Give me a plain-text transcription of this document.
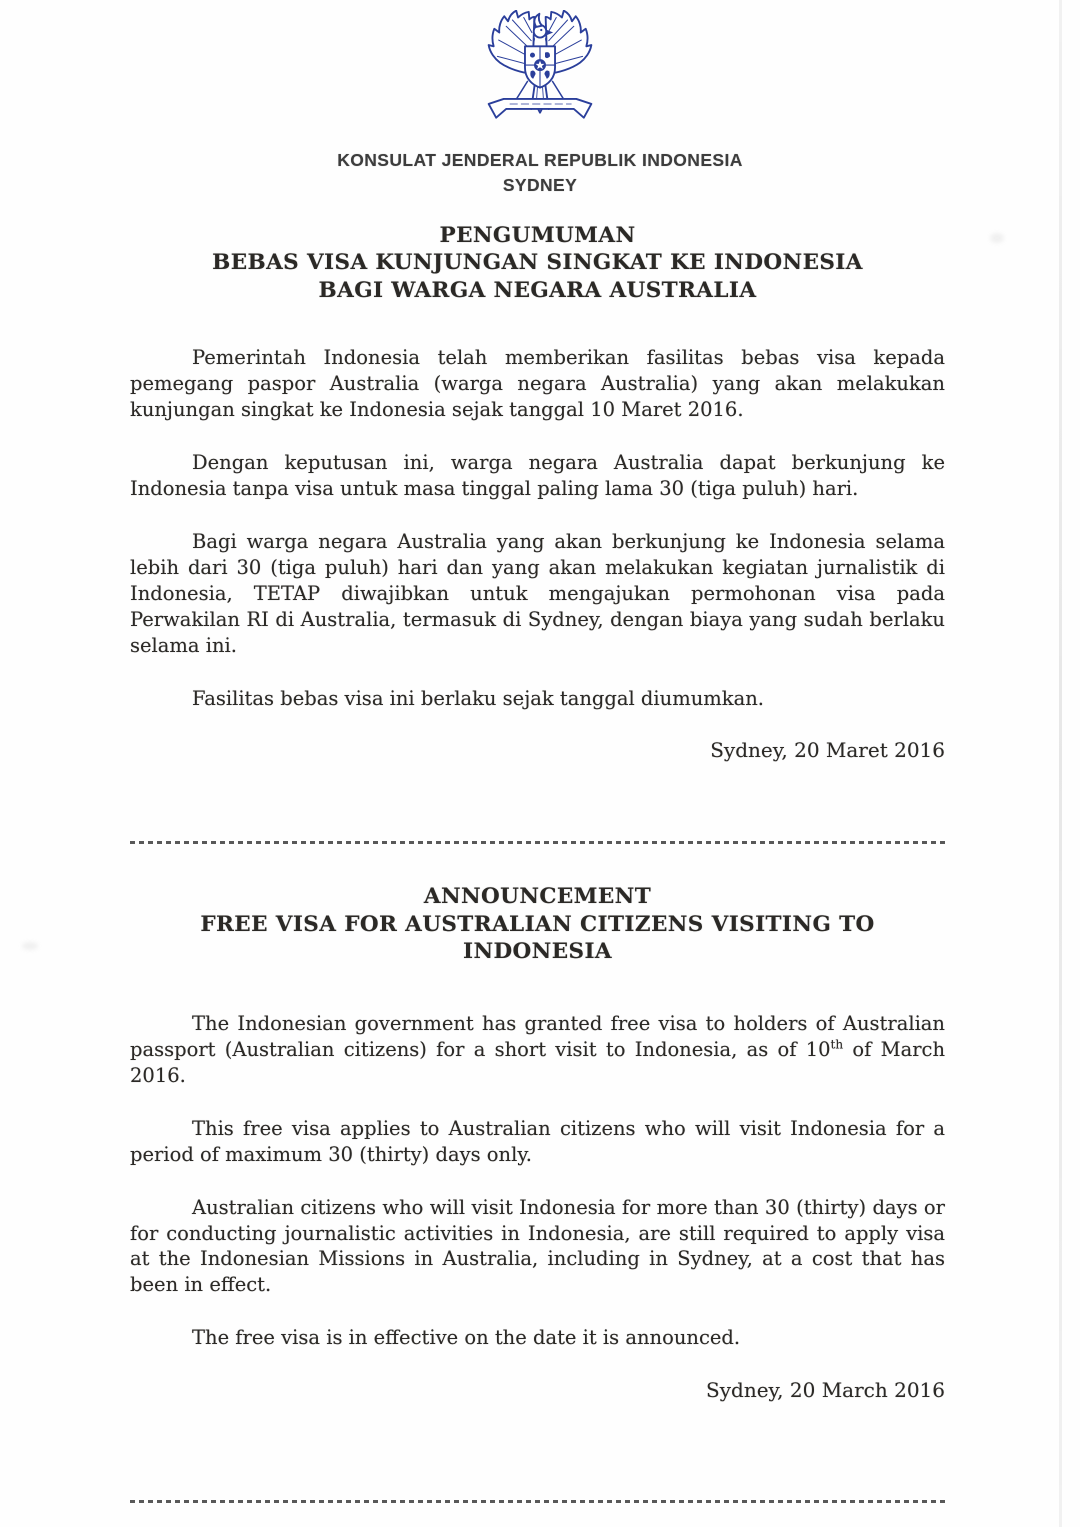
KONSULAT JENDERAL REPUBLIK INDONESIA
SYDNEY
PENGUMUMAN
BEBAS VISA KUNJUNGAN SINGKAT KE INDONESIA
BAGI WARGA NEGARA AUSTRALIA

Pemerintah Indonesia telah memberikan fasilitas bebas visa kepada pemegang paspor Australia (warga negara Australia) yang akan melakukan kunjungan singkat ke Indonesia sejak tanggal 10 Maret 2016.

Dengan keputusan ini, warga negara Australia dapat berkunjung ke Indonesia tanpa visa untuk masa tinggal paling lama 30 (tiga puluh) hari.

Bagi warga negara Australia yang akan berkunjung ke Indonesia selama lebih dari 30 (tiga puluh) hari dan yang akan melakukan kegiatan jurnalistik di Indonesia, TETAP diwajibkan untuk mengajukan permohonan visa pada Perwakilan RI di Australia, termasuk di Sydney, dengan biaya yang sudah berlaku selama ini.

Fasilitas bebas visa ini berlaku sejak tanggal diumumkan.

Sydney, 20 Maret 2016
ANNOUNCEMENT
FREE VISA FOR AUSTRALIAN CITIZENS VISITING TO INDONESIA

The Indonesian government has granted free visa to holders of Australian passport (Australian citizens) for a short visit to Indonesia, as of 10th of March 2016.

This free visa applies to Australian citizens who will visit Indonesia for a period of maximum 30 (thirty) days only.

Australian citizens who will visit Indonesia for more than 30 (thirty) days or for conducting journalistic activities in Indonesia, are still required to apply visa at the Indonesian Missions in Australia, including in Sydney, at a cost that has been in effect.

The free visa is in effective on the date it is announced.

Sydney, 20 March 2016
